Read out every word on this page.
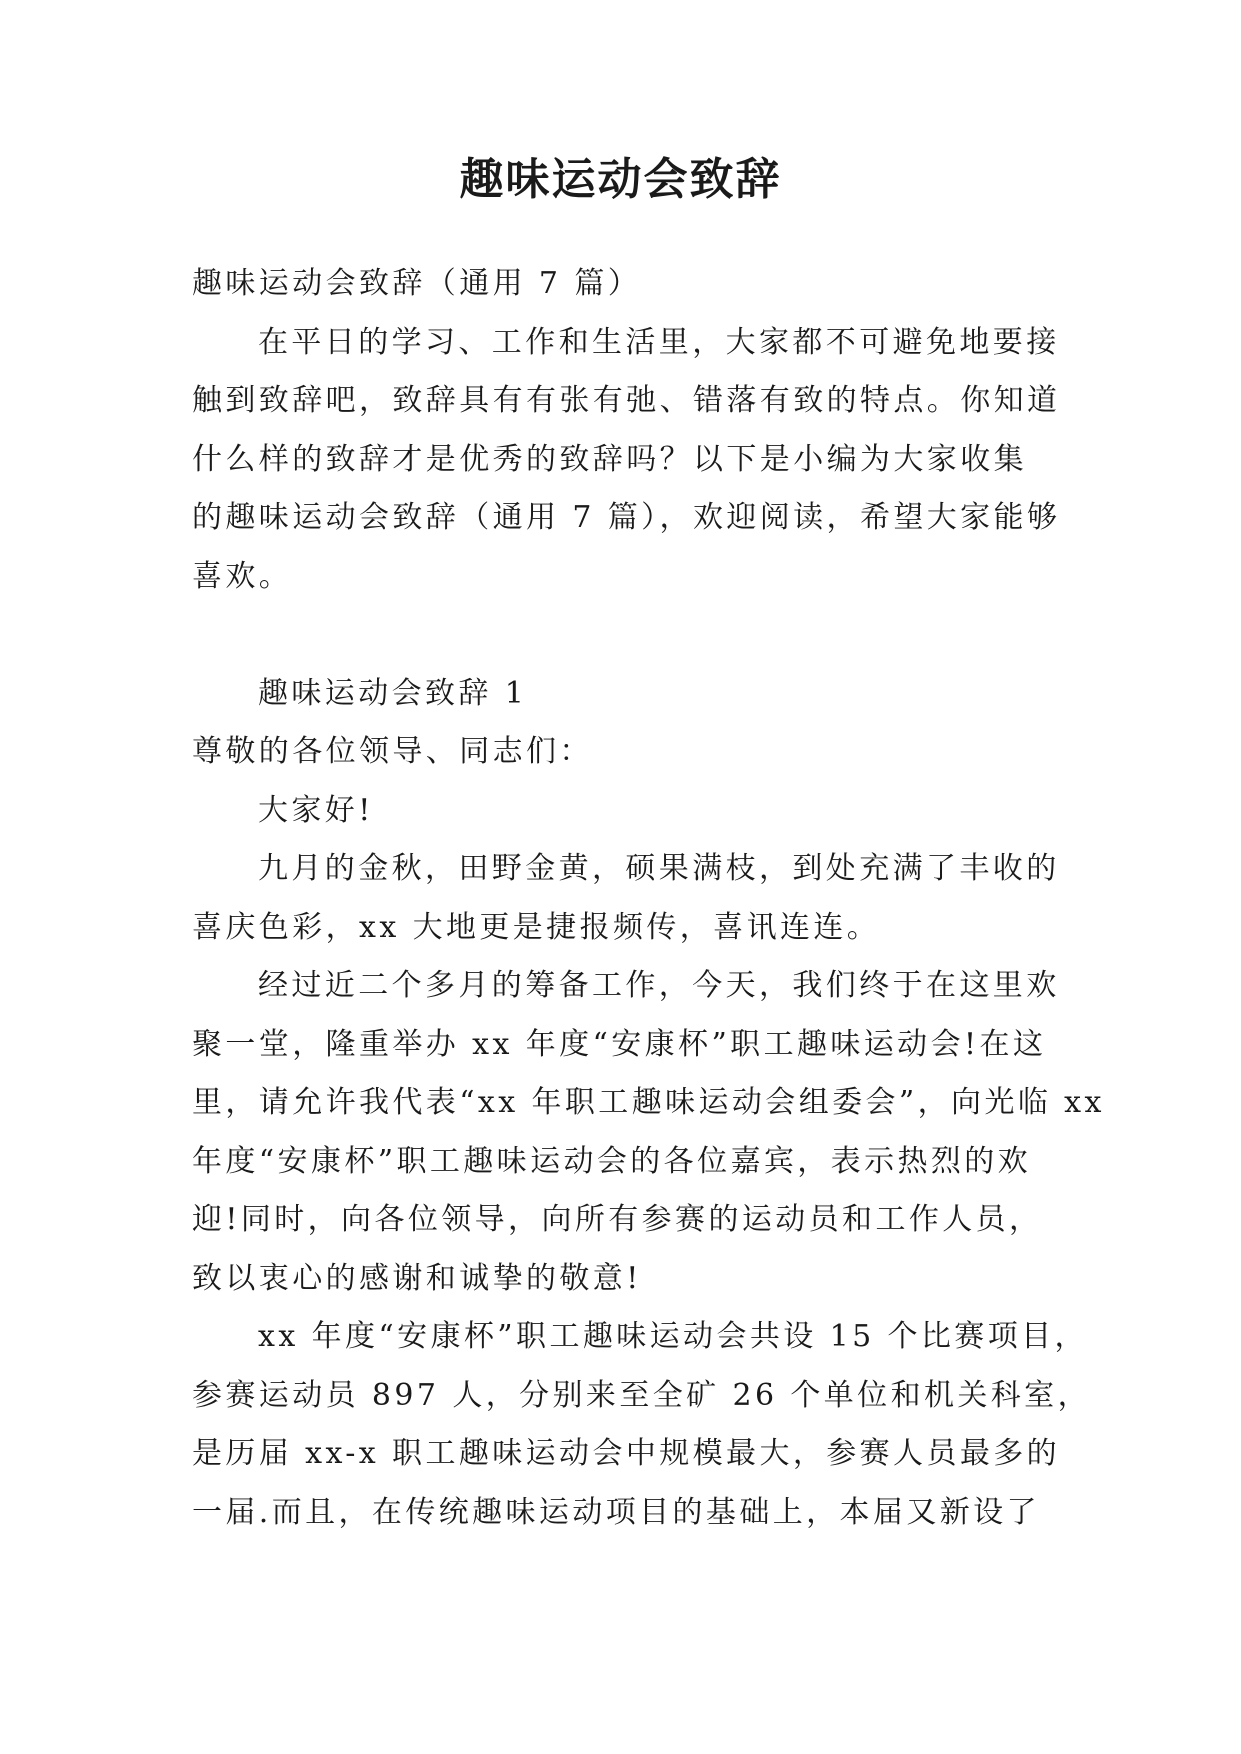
趣味运动会致辞
趣味运动会致辞（通用 7 篇）
在平日的学习、工作和生活里，大家都不可避免地要接
触到致辞吧，致辞具有有张有弛、错落有致的特点。你知道
什么样的致辞才是优秀的致辞吗？以下是小编为大家收集
的趣味运动会致辞（通用 7 篇），欢迎阅读，希望大家能够
喜欢。
趣味运动会致辞 1
尊敬的各位领导、同志们：
大家好!
九月的金秋，田野金黄，硕果满枝，到处充满了丰收的
喜庆色彩，xx 大地更是捷报频传，喜讯连连。
经过近二个多月的筹备工作，今天，我们终于在这里欢
聚一堂，隆重举办 xx 年度“安康杯”职工趣味运动会!在这
里，请允许我代表“xx 年职工趣味运动会组委会”，向光临 xx
年度“安康杯”职工趣味运动会的各位嘉宾，表示热烈的欢
迎!同时，向各位领导，向所有参赛的运动员和工作人员，
致以衷心的感谢和诚挚的敬意!
xx 年度“安康杯”职工趣味运动会共设 15 个比赛项目，
参赛运动员 897 人，分别来至全矿 26 个单位和机关科室，
是历届 xx-x 职工趣味运动会中规模最大，参赛人员最多的
一届.而且，在传统趣味运动项目的基础上，本届又新设了
